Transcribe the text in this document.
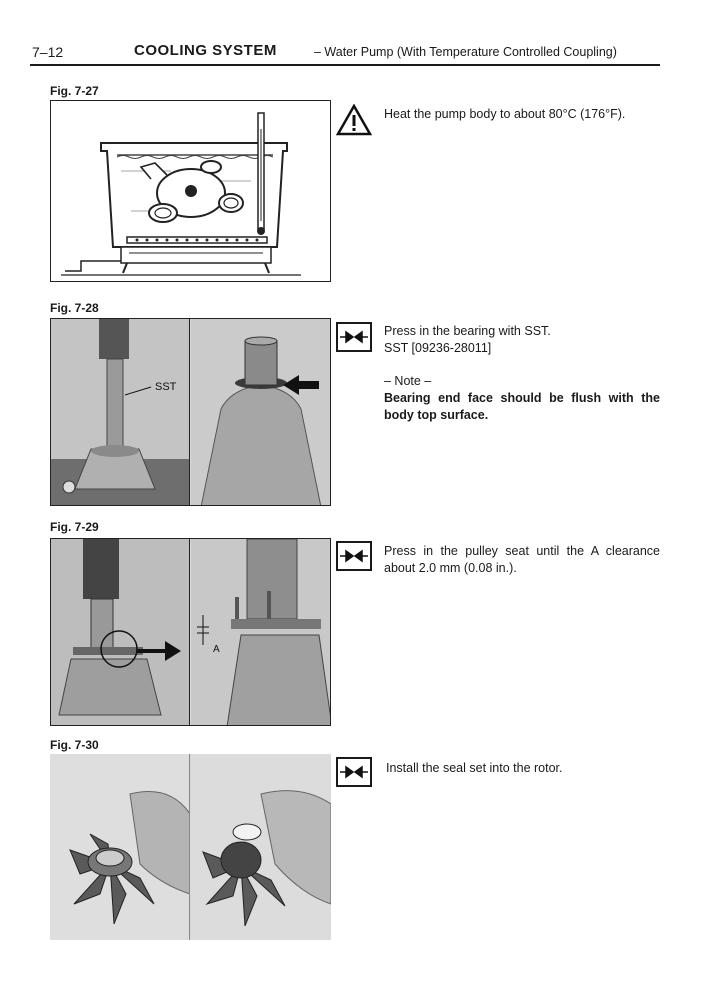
7–12	COOLING SYSTEM	– Water Pump (With Temperature Controlled Coupling)
Fig. 7-27
Heat the pump body to about 80°C (176°F).
Fig. 7-28
SST
Press in the bearing with SST.
SST [09236-28011]
– Note –
Bearing end face should be flush with the body top surface.
Fig. 7-29
A
Press in the pulley seat until the A clearance about 2.0 mm (0.08 in.).
Fig. 7-30
Install the seal set into the rotor.
